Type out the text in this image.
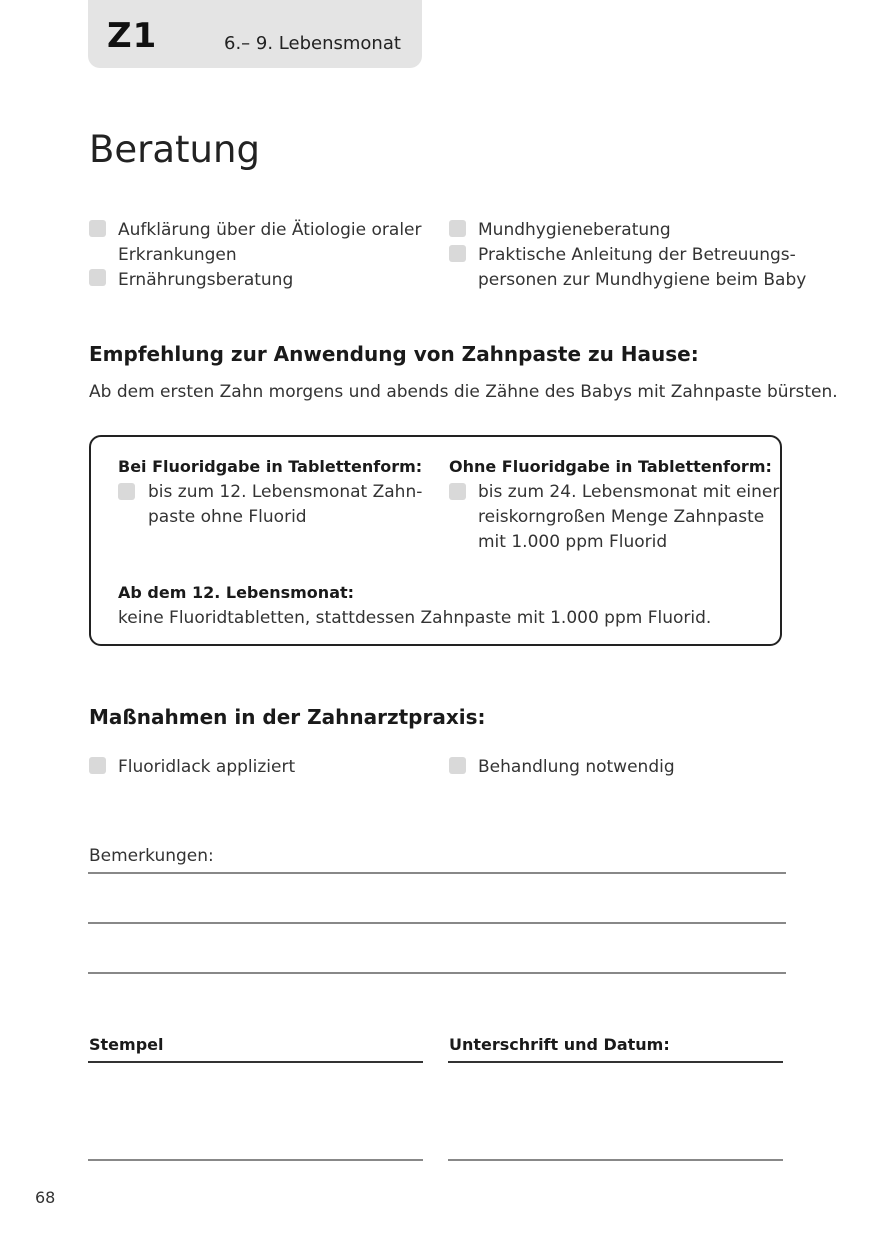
Z1	6.– 9. Lebensmonat
Beratung
Aufklärung über die Ätiologie oraler
Erkrankungen
Ernährungsberatung
Mundhygieneberatung
Praktische Anleitung der Betreuungs-
personen zur Mundhygiene beim Baby
Empfehlung zur Anwendung von Zahnpaste zu Hause:
Ab dem ersten Zahn morgens und abends die Zähne des Babys mit Zahnpaste bürsten.
Bei Fluoridgabe in Tablettenform:
bis zum 12. Lebensmonat Zahn-
paste ohne Fluorid
Ohne Fluoridgabe in Tablettenform:
bis zum 24. Lebensmonat mit einer
reiskorngroßen Menge Zahnpaste
mit 1.000 ppm Fluorid
Ab dem 12. Lebensmonat:
keine Fluoridtabletten, stattdessen Zahnpaste mit 1.000 ppm Fluorid.
Maßnahmen in der Zahnarztpraxis:
Fluoridlack appliziert	Behandlung notwendig
Bemerkungen:
Stempel	Unterschrift und Datum:
68
